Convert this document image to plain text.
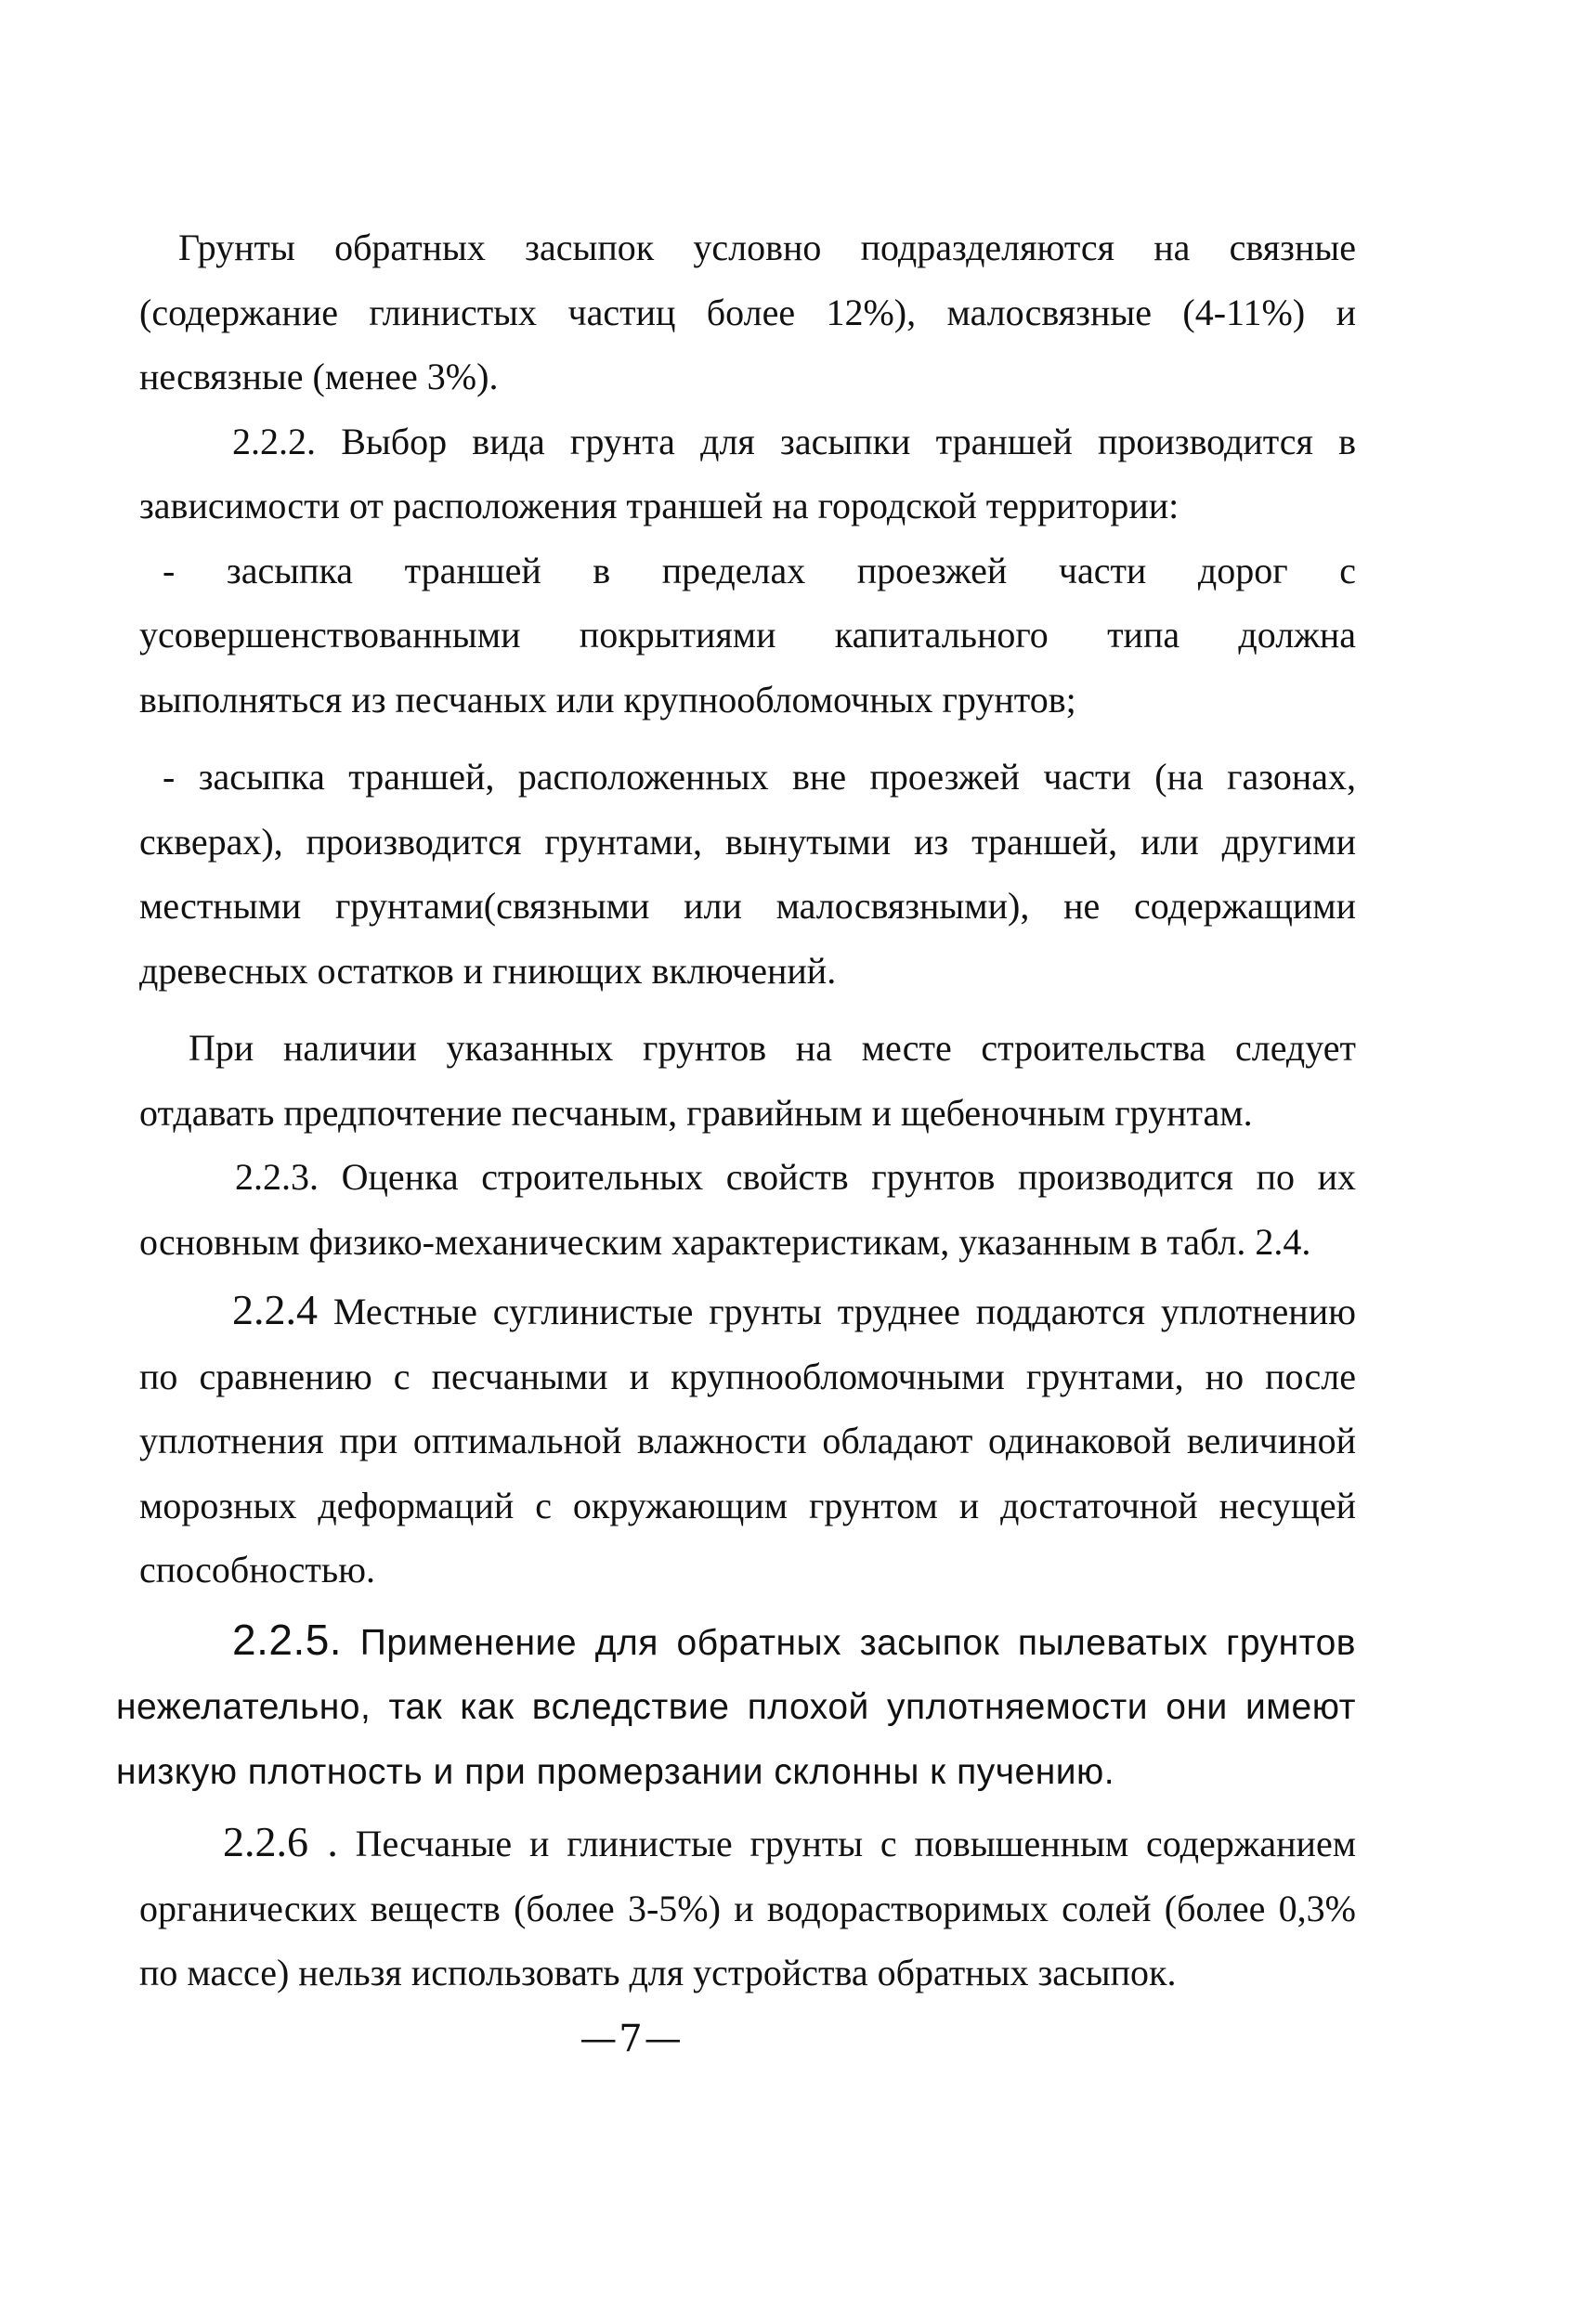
Грунты обратных засыпок условно подразделяются на связные (содержание глинистых частиц более 12%), малосвязные (4-11%) и несвязные (менее 3%).

2.2.2. Выбор вида грунта для засыпки траншей производится в зависимости от расположения траншей на городской территории:

- засыпка траншей в пределах проезжей части дорог с усовершенствованными покрытиями капитального типа должна выполняться из песчаных или крупнообломочных грунтов;

- засыпка траншей, расположенных вне проезжей части (на газонах, скверах), производится грунтами, вынутыми из траншей, или другими местными грунтами(связными или малосвязными), не содержащими древесных остатков и гниющих включений.

При наличии указанных грунтов на месте строительства следует отдавать предпочтение песчаным, гравийным и щебеночным грунтам.

2.2.3. Оценка строительных свойств грунтов производится по их основным физико-механическим характеристикам, указанным в табл. 2.4.

2.2.4 Местные суглинистые грунты труднее поддаются уплотнению по сравнению с песчаными и крупнообломочными грунтами, но после уплотнения при оптимальной влажности обладают одинаковой величиной морозных деформаций с окружающим грунтом и достаточной несущей способностью.

2.2.5. Применение для обратных засыпок пылеватых грунтов нежелательно, так как вследствие плохой уплотняемости они имеют низкую плотность и при промерзании склонны к пучению.

2.2.6 . Песчаные и глинистые грунты с повышенным содержанием органических веществ (более 3-5%) и водорастворимых солей (более 0,3% по массе) нельзя использовать для устройства обратных засыпок.

—7—
